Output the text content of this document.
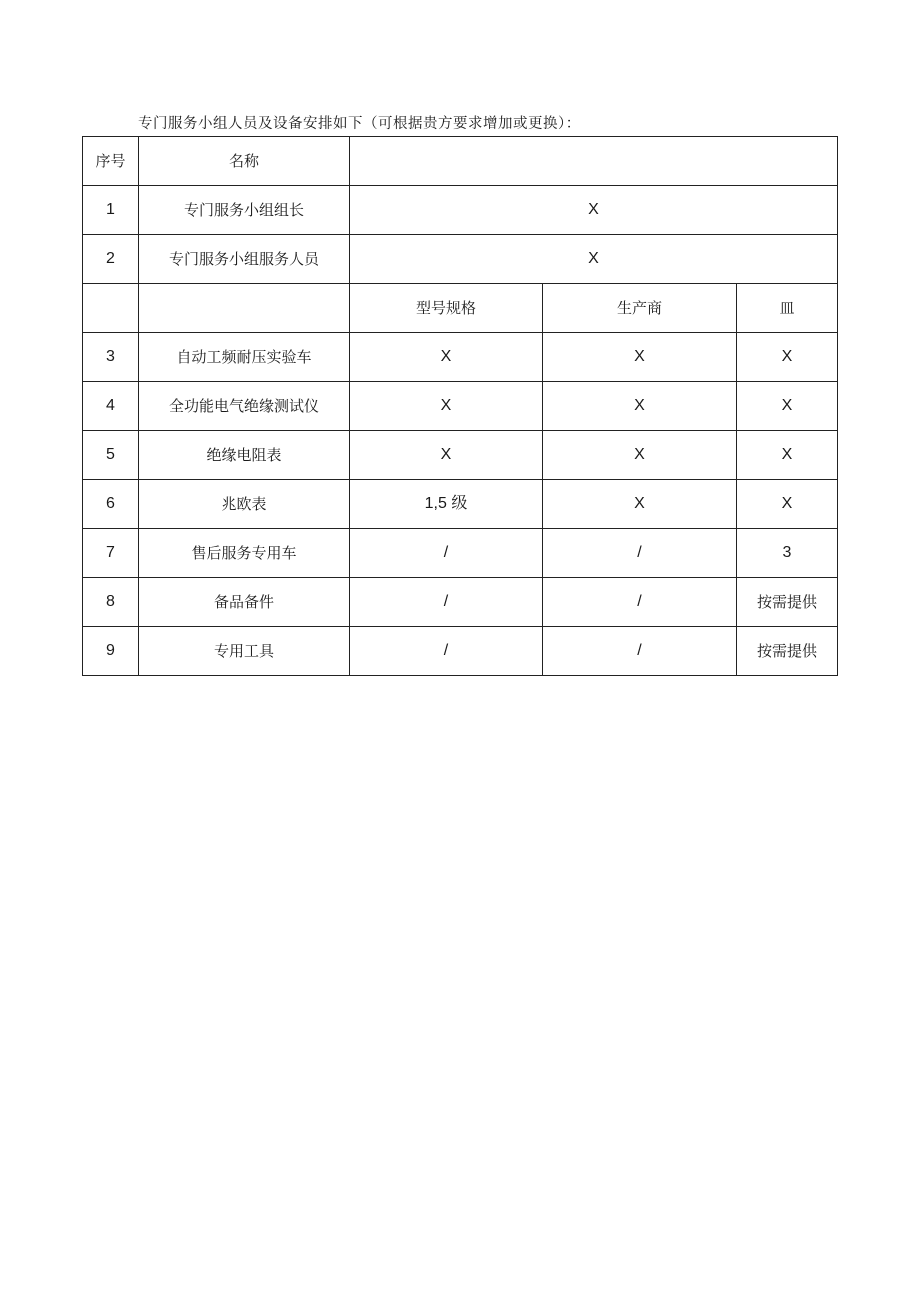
专门服务小组人员及设备安排如下（可根据贵方要求增加或更换）：
序号	名称			
1	专门服务小组组长	X		
2	专门服务小组服务人员	X		
		型号规格	生产商	皿
3	自动工频耐压实验车	X	X	X
4	全功能电气绝缘测试仪	X	X	X
5	绝缘电阻表	X	X	X
6	兆欧表	1,5 级	X	X
7	售后服务专用车	/	/	3
8	备品备件	/	/	按需提供
9	专用工具	/	/	按需提供
